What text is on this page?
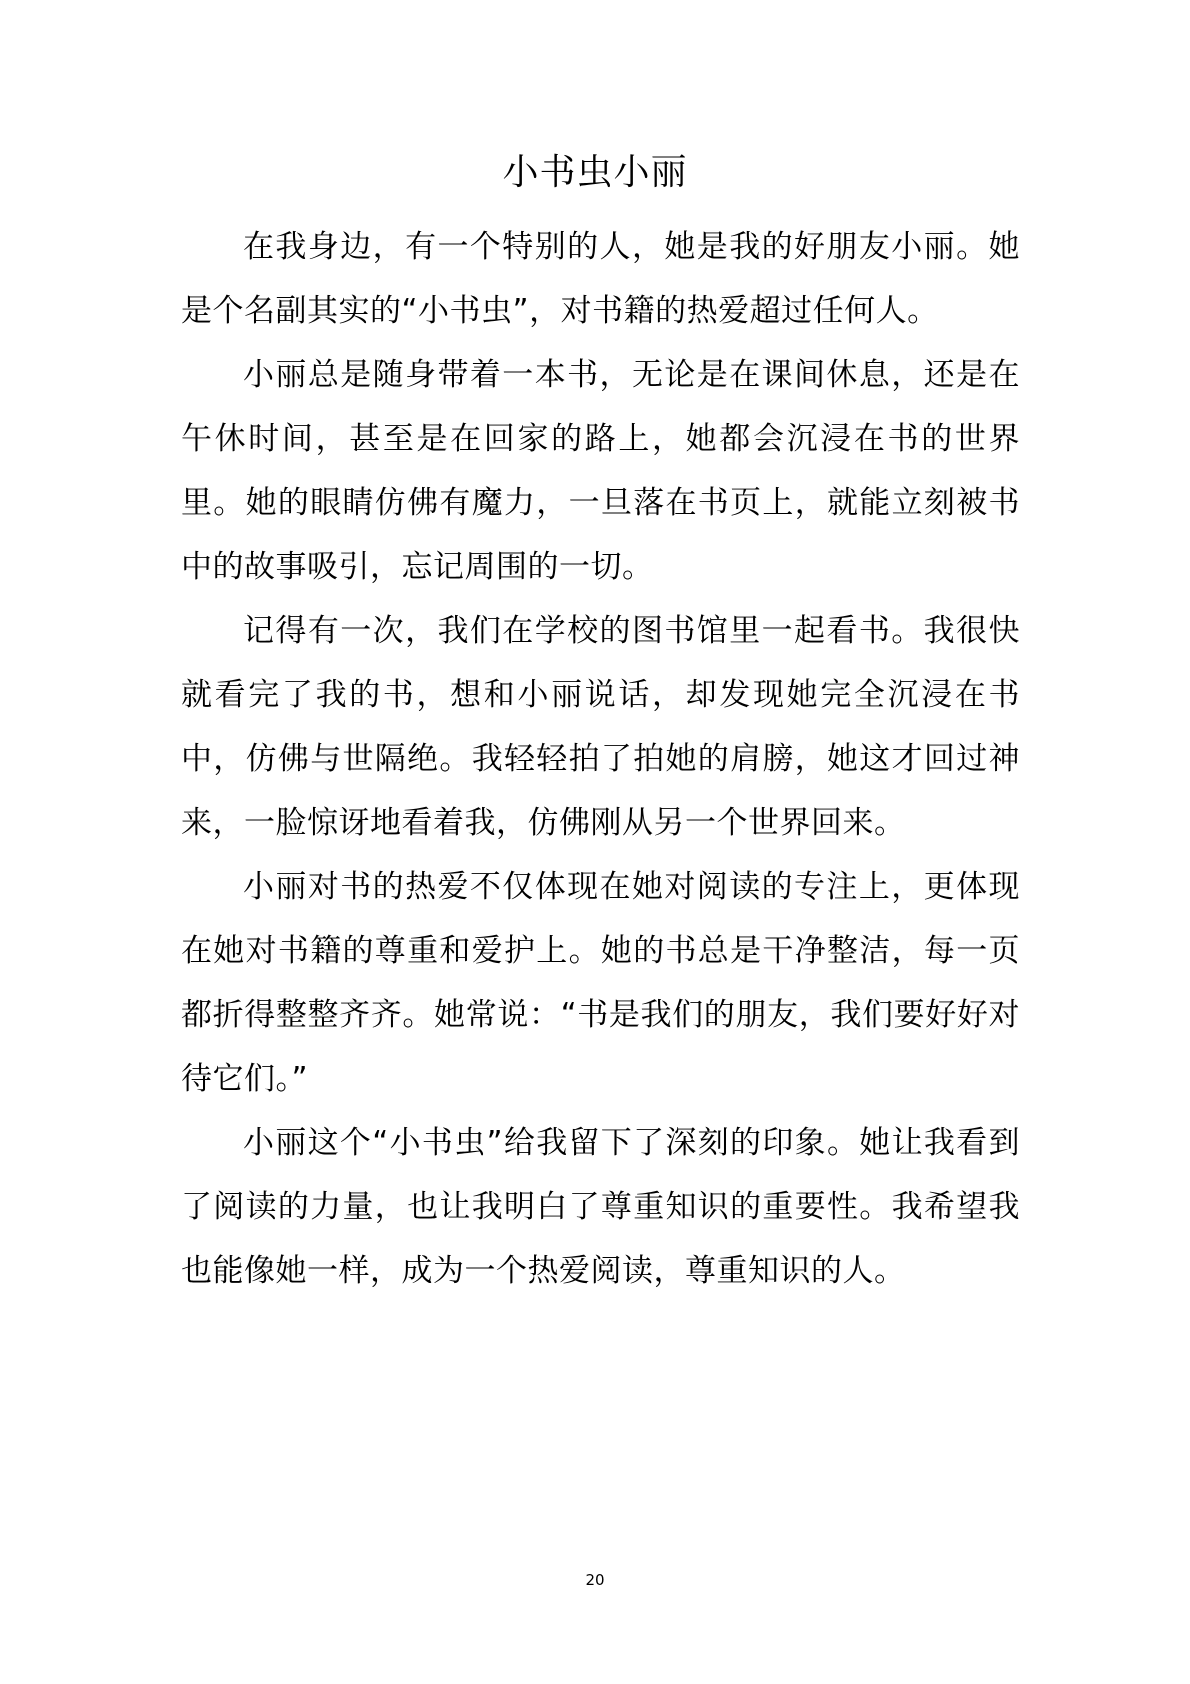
小书虫小丽

在我身边，有一个特别的人，她是我的好朋友小丽。她是个名副其实的“小书虫”，对书籍的热爱超过任何人。

小丽总是随身带着一本书，无论是在课间休息，还是在午休时间，甚至是在回家的路上，她都会沉浸在书的世界里。她的眼睛仿佛有魔力，一旦落在书页上，就能立刻被书中的故事吸引，忘记周围的一切。

记得有一次，我们在学校的图书馆里一起看书。我很快就看完了我的书，想和小丽说话，却发现她完全沉浸在书中，仿佛与世隔绝。我轻轻拍了拍她的肩膀，她这才回过神来，一脸惊讶地看着我，仿佛刚从另一个世界回来。

小丽对书的热爱不仅体现在她对阅读的专注上，更体现在她对书籍的尊重和爱护上。她的书总是干净整洁，每一页都折得整整齐齐。她常说：“书是我们的朋友，我们要好好对待它们。”

小丽这个“小书虫”给我留下了深刻的印象。她让我看到了阅读的力量，也让我明白了尊重知识的重要性。我希望我也能像她一样，成为一个热爱阅读，尊重知识的人。

20
